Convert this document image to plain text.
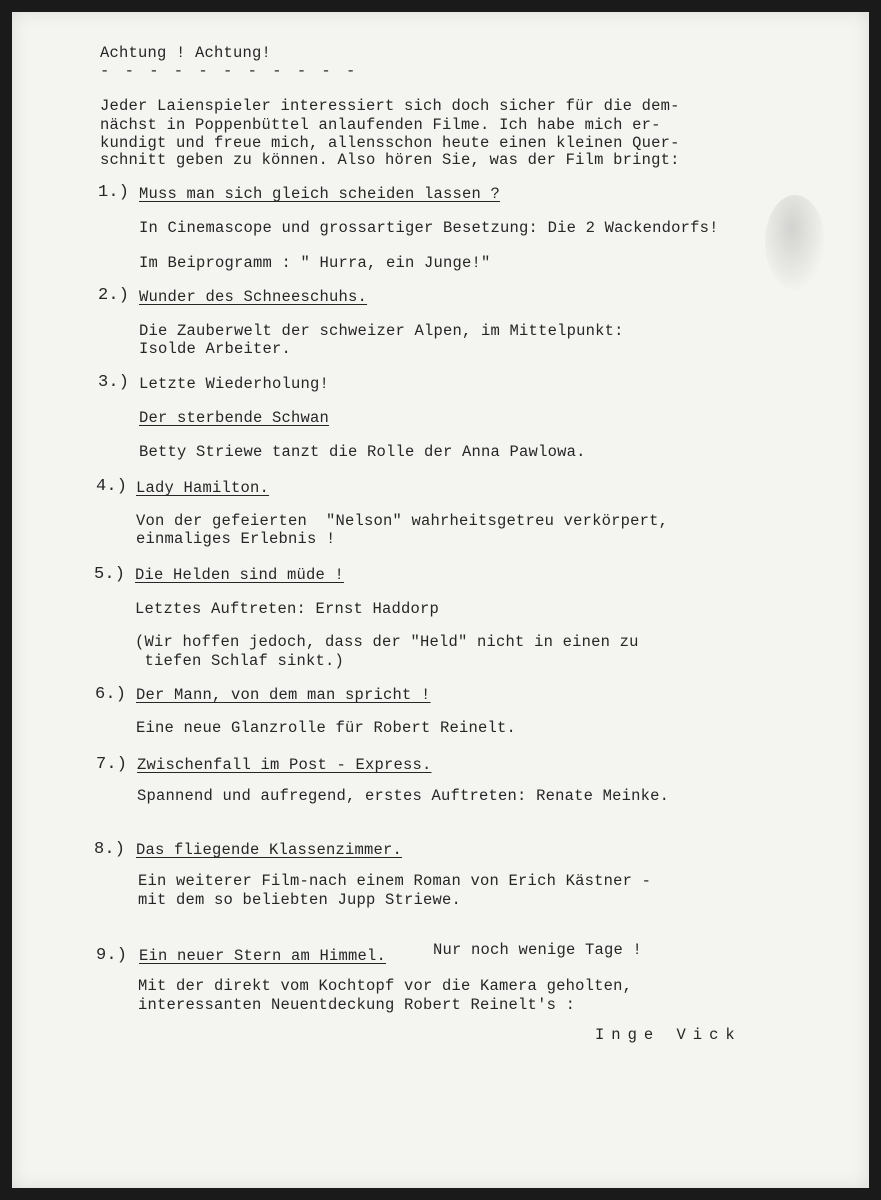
Achtung ! Achtung!

- - - - - - - - - - -

Jeder Laienspieler interessiert sich doch sicher für die dem-

nächst in Poppenbüttel anlaufenden Filme. Ich habe mich er-

kundigt und freue mich, allensschon heute einen kleinen Quer-

schnitt geben zu können. Also hören Sie, was der Film bringt:

1.) Muss man sich gleich scheiden lassen ?

In Cinemascope und grossartiger Besetzung: Die 2 Wackendorfs!

Im Beiprogramm : " Hurra, ein Junge!"

2.) Wunder des Schneeschuhs.

Die Zauberwelt der schweizer Alpen, im Mittelpunkt:

Isolde Arbeiter.

3.) Letzte Wiederholung!

Der sterbende Schwan

Betty Striewe tanzt die Rolle der Anna Pawlowa.

4.) Lady Hamilton.

Von der gefeierten  "Nelson" wahrheitsgetreu verkörpert,

einmaliges Erlebnis !

5.) Die Helden sind müde !

Letztes Auftreten: Ernst Haddorp

(Wir hoffen jedoch, dass der "Held" nicht in einen zu

tiefen Schlaf sinkt.)

6.) Der Mann, von dem man spricht !

Eine neue Glanzrolle für Robert Reinelt.

7.) Zwischenfall im Post - Express.

Spannend und aufregend, erstes Auftreten: Renate Meinke.

8.) Das fliegende Klassenzimmer.

Ein weiterer Film-nach einem Roman von Erich Kästner -

mit dem so beliebten Jupp Striewe.

9.) Ein neuer Stern am Himmel.	Nur noch wenige Tage !

Mit der direkt vom Kochtopf vor die Kamera geholten,

interessanten Neuentdeckung Robert Reinelt's :

Inge Vick
